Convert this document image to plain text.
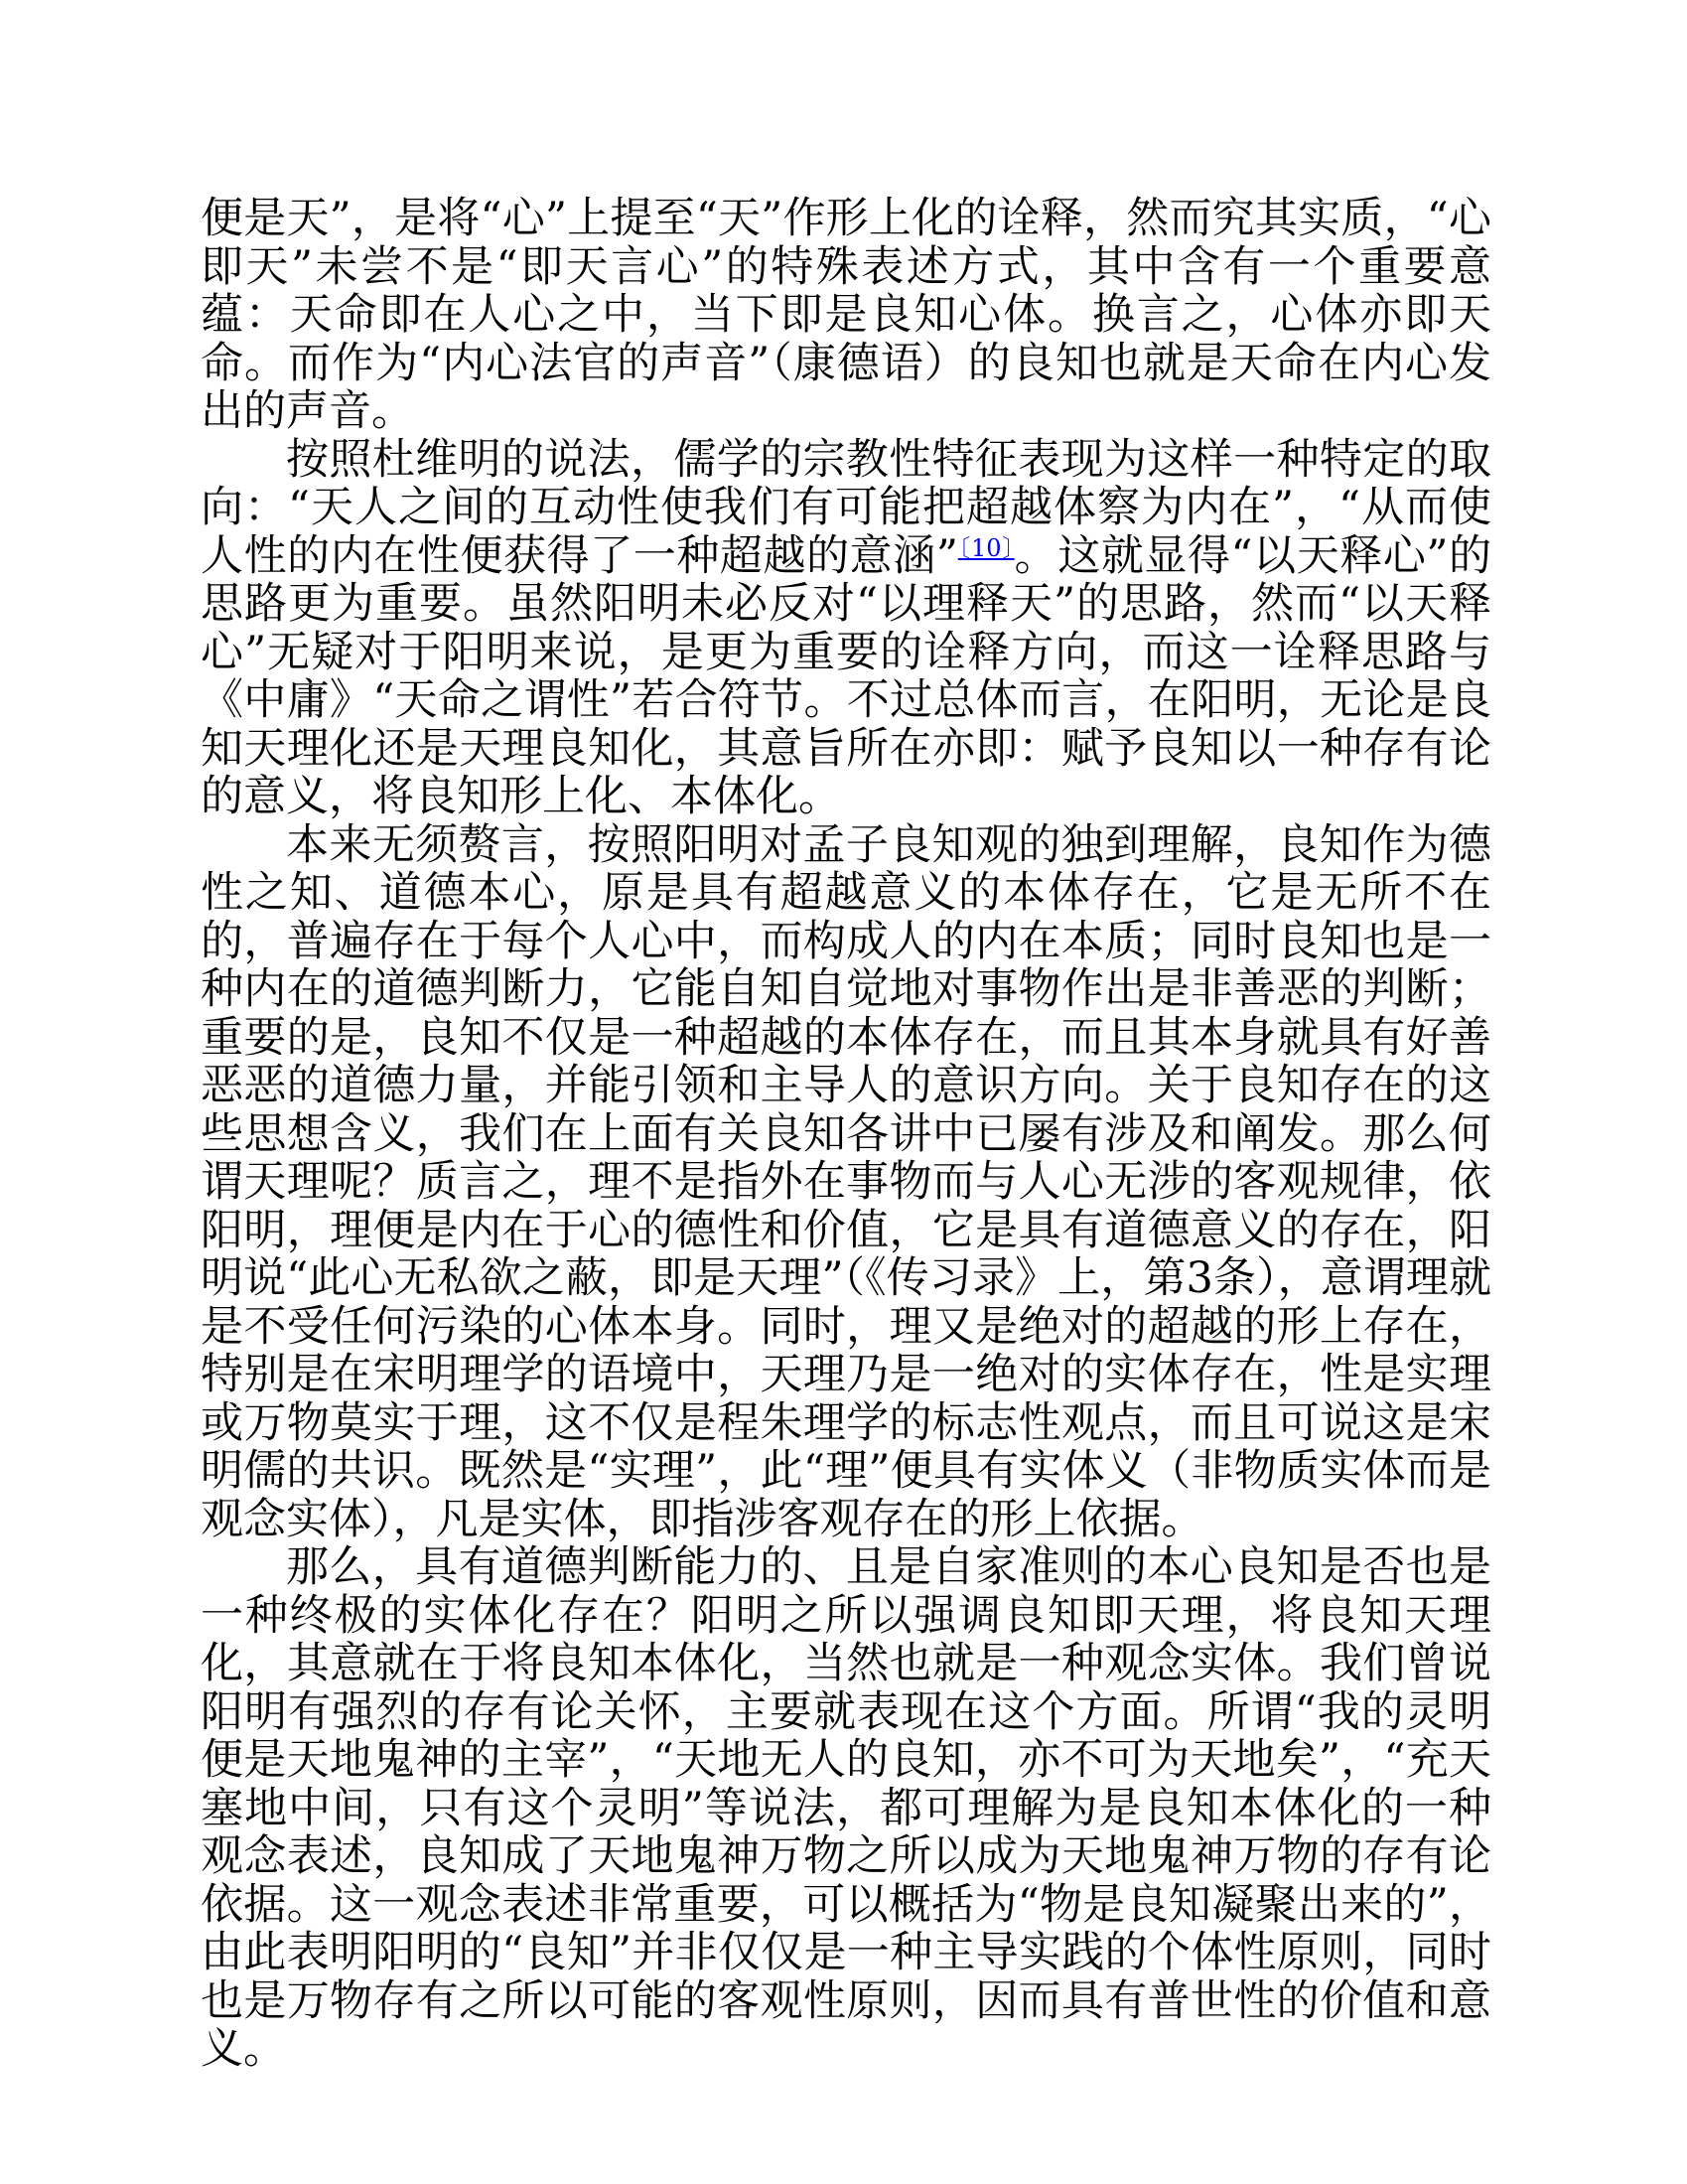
便是天”，是将“心”上提至“天”作形上化的诠释，然而究其实质，“心即天”未尝不是“即天言心”的特殊表述方式，其中含有一个重要意蕴：天命即在人心之中，当下即是良知心体。换言之，心体亦即天命。而作为“内心法官的声音”（康德语）的良知也就是天命在内心发出的声音。

按照杜维明的说法，儒学的宗教性特征表现为这样一种特定的取向：“天人之间的互动性使我们有可能把超越体察为内在”，“从而使人性的内在性便获得了一种超越的意涵”$^{〔10〕}$。这就显得“以天释心”的思路更为重要。虽然阳明未必反对“以理释天”的思路，然而“以天释心”无疑对于阳明来说，是更为重要的诠释方向，而这一诠释思路与《中庸》“天命之谓性”若合符节。不过总体而言，在阳明，无论是良知天理化还是天理良知化，其意旨所在亦即：赋予良知以一种存有论的意义，将良知形上化、本体化。

本来无须赘言，按照阳明对孟子良知观的独到理解，良知作为德性之知、道德本心，原是具有超越意义的本体存在，它是无所不在的，普遍存在于每个人心中，而构成人的内在本质；同时良知也是一种内在的道德判断力，它能自知自觉地对事物作出是非善恶的判断；重要的是，良知不仅是一种超越的本体存在，而且其本身就具有好善恶恶的道德力量，并能引领和主导人的意识方向。关于良知存在的这些思想含义，我们在上面有关良知各讲中已屡有涉及和阐发。那么何谓天理呢？质言之，理不是指外在事物而与人心无涉的客观规律，依阳明，理便是内在于心的德性和价值，它是具有道德意义的存在，阳明说“此心无私欲之蔽，即是天理”（《传习录》上，第3条），意谓理就是不受任何污染的心体本身。同时，理又是绝对的超越的形上存在，特别是在宋明理学的语境中，天理乃是一绝对的实体存在，性是实理或万物莫实于理，这不仅是程朱理学的标志性观点，而且可说这是宋明儒的共识。既然是“实理”，此“理”便具有实体义（非物质实体而是观念实体），凡是实体，即指涉客观存在的形上依据。

那么，具有道德判断能力的、且是自家准则的本心良知是否也是一种终极的实体化存在？阳明之所以强调良知即天理，将良知天理化，其意就在于将良知本体化，当然也就是一种观念实体。我们曾说阳明有强烈的存有论关怀，主要就表现在这个方面。所谓“我的灵明便是天地鬼神的主宰”，“天地无人的良知，亦不可为天地矣”，“充天塞地中间，只有这个灵明”等说法，都可理解为是良知本体化的一种观念表述，良知成了天地鬼神万物之所以成为天地鬼神万物的存有论依据。这一观念表述非常重要，可以概括为“物是良知凝聚出来的”，由此表明阳明的“良知”并非仅仅是一种主导实践的个体性原则，同时也是万物存有之所以可能的客观性原则，因而具有普世性的价值和意义。
